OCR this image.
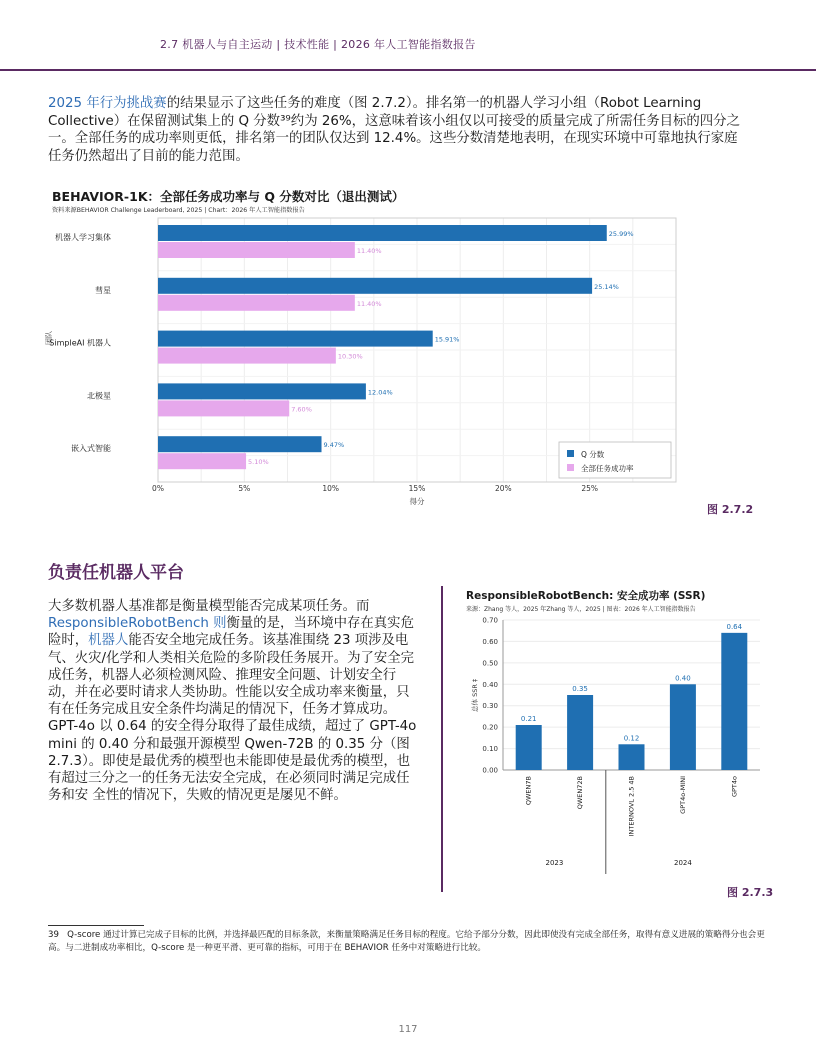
2.7 机器人与自主运动 | 技术性能 | 2026 年人工智能指数报告
2025 年行为挑战赛的结果显示了这些任务的难度（图 2.7.2）。排名第一的机器人学习小组（Robot Learning Collective）在保留测试集上的 Q 分数³⁹约为 26%，这意味着该小组仅以可接受的质量完成了所需任务目标的四分之一。全部任务的成功率则更低，排名第一的团队仅达到 12.4%。这些分数清楚地表明，在现实环境中可靠地执行家庭任务仍然超出了目前的能力范围。
BEHAVIOR-1K：全部任务成功率与 Q 分数对比（退出测试）
资料来源BEHAVIOR Challenge Leaderboard, 2025 | Chart：2026 年人工智能指数报告
团队
机器人学习集体	25.99%
11.40%
彗星	25.14%
11.40%
SimpleAI 机器人	15.91%
10.30%
北极星	12.04%
7.60%
嵌入式智能	9.47%
5.10%
0%	5%	10%	15%	20%	25%
得分
Q 分数
全部任务成功率
图 2.7.2
负责任机器人平台

大多数机器人基准都是衡量模型能否完成某项任务。而ResponsibleRobotBench 则衡量的是，当环境中存在真实危险时，机器人能否安全地完成任务。该基准围绕 23 项涉及电气、火灾/化学和人类相关危险的多阶段任务展开。为了安全完成任务，机器人必须检测风险、推理安全问题、计划安全行动，并在必要时请求人类协助。性能以安全成功率来衡量，只有在任务完成且安全条件均满足的情况下，任务才算成功。

GPT-4o 以 0.64 的安全得分取得了最佳成绩，超过了 GPT-4o mini 的 0.40 分和最强开源模型 Qwen-72B 的 0.35 分（图 2.7.3）。即使是最优秀的模型也未能即使是最优秀的模型，也有超过三分之一的任务无法安全完成，在必须同时满足完成任务和安 全性的情况下，失败的情况更是屡见不鲜。

ResponsibleRobotBench: 安全成功率 (SSR)
来源：Zhang 等人，2025 年Zhang 等人，2025 | 图表：2026 年人工智能指数报告
总体 SSR ‡
0.00
0.10
0.20
0.30
0.40
0.50
0.60
0.70
0.21
QWEN7B
0.35
QWEN72B
0.12
INTERNOVL 2.5 4B
0.40
GPT4o-MINI
0.64
GPT4o
2023	2024
图 2.7.3
39 Q-score 通过计算已完成子目标的比例，并选择最匹配的目标条款，来衡量策略满足任务目标的程度。它给予部分分数，因此即使没有完成全部任务，取得有意义进展的策略得分也会更高。与二进制成功率相比，Q-score 是一种更平滑、更可靠的指标，可用于在 BEHAVIOR 任务中对策略进行比较。
117
